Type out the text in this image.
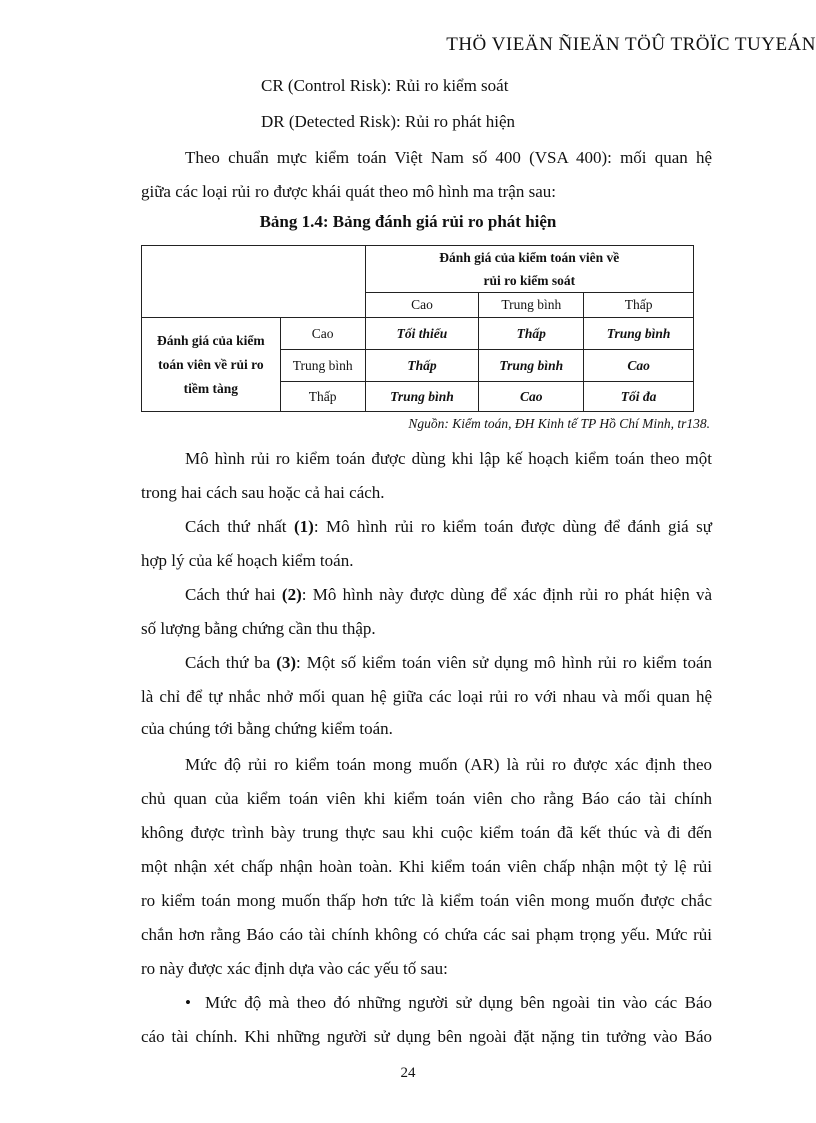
THÖ VIEÄN ÑIEÄN TÖÛ TRÖÏC TUYEÁN
CR (Control Risk): Rủi ro kiểm soát
DR (Detected Risk): Rủi ro phát hiện
Theo chuẩn mực kiểm toán Việt Nam số 400 (VSA 400): mối quan hệ
giữa các loại rủi ro được khái quát theo mô hình ma trận sau:
Bảng 1.4: Bảng đánh giá rủi ro phát hiện

		Đánh giá của kiểm toán viên về
rủi ro kiểm soát		

		Cao	Trung bình	Thấp

Đánh giá của kiểm
toán viên về rủi ro
tiềm tàng	Cao	Tối thiểu	Thấp	Trung bình
	Trung bình	Thấp	Trung bình	Cao
	Thấp	Trung bình	Cao	Tối đa
Nguồn: Kiểm toán, ĐH Kinh tế TP Hồ Chí Minh, tr138.
Mô hình rủi ro kiểm toán được dùng khi lập kế hoạch kiểm toán theo một
trong hai cách sau hoặc cả hai cách.
Cách thứ nhất (1): Mô hình rủi ro kiểm toán được dùng để đánh giá sự
hợp lý của kế hoạch kiểm toán.
Cách thứ hai (2): Mô hình này được dùng để xác định rủi ro phát hiện và
số lượng bằng chứng cần thu thập.
Cách thứ ba (3): Một số kiểm toán viên sử dụng mô hình rủi ro kiểm toán
là chỉ để tự nhắc nhở mối quan hệ giữa các loại rủi ro với nhau và mối quan hệ
của chúng tới bằng chứng kiểm toán.
Mức độ rủi ro kiểm toán mong muốn (AR) là rủi ro được xác định theo
chủ quan của kiểm toán viên khi kiểm toán viên cho rằng Báo cáo tài chính
không được trình bày trung thực sau khi cuộc kiểm toán đã kết thúc và đi đến
một nhận xét chấp nhận hoàn toàn. Khi kiểm toán viên chấp nhận một tỷ lệ rủi
ro kiểm toán mong muốn thấp hơn tức là kiểm toán viên mong muốn được chắc
chắn hơn rằng Báo cáo tài chính không có chứa các sai phạm trọng yếu. Mức rủi
ro này được xác định dựa vào các yếu tố sau:
• Mức độ mà theo đó những người sử dụng bên ngoài tin vào các Báo
cáo tài chính. Khi những người sử dụng bên ngoài đặt nặng tin tưởng vào Báo
24
